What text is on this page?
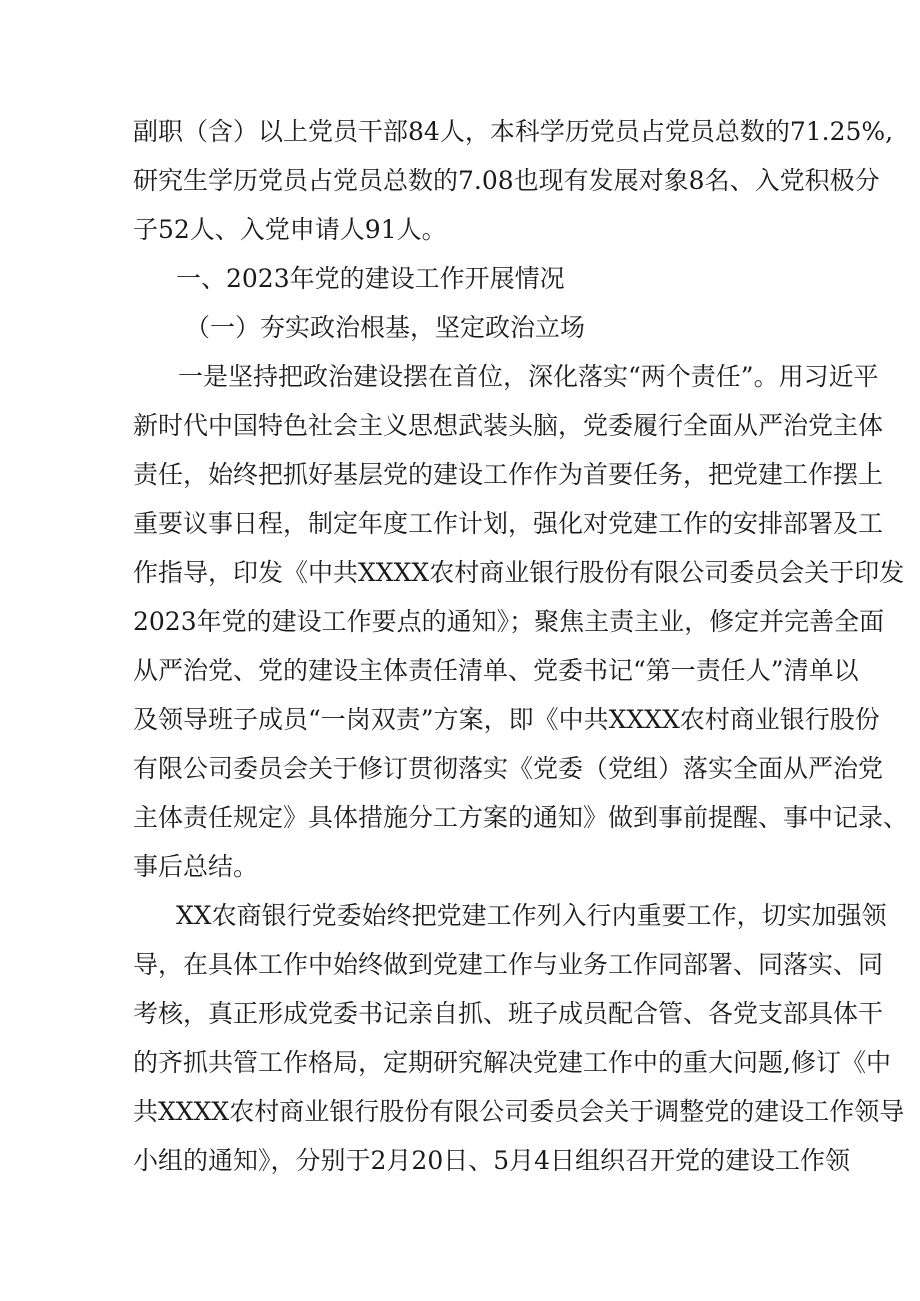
副职（含）以上党员干部84人，本科学历党员占党员总数的71.25%,
研究生学历党员占党员总数的7.08也现有发展对象8名、入党积极分
子52人、入党申请人91人。
一、2023年党的建设工作开展情况
（一）夯实政治根基，坚定政治立场
一是坚持把政治建设摆在首位，深化落实“两个责任”。用习近平
新时代中国特色社会主义思想武装头脑，党委履行全面从严治党主体
责任，始终把抓好基层党的建设工作作为首要任务，把党建工作摆上
重要议事日程，制定年度工作计划，强化对党建工作的安排部署及工
作指导，印发《中共XXXX农村商业银行股份有限公司委员会关于印发
2023年党的建设工作要点的通知》；聚焦主责主业，修定并完善全面
从严治党、党的建设主体责任清单、党委书记“第一责任人”清单以
及领导班子成员“一岗双责”方案，即《中共XXXX农村商业银行股份
有限公司委员会关于修订贯彻落实《党委（党组）落实全面从严治党
主体责任规定》具体措施分工方案的通知》做到事前提醒、事中记录、
事后总结。
XX农商银行党委始终把党建工作列入行内重要工作，切实加强领
导，在具体工作中始终做到党建工作与业务工作同部署、同落实、同
考核，真正形成党委书记亲自抓、班子成员配合管、各党支部具体干
的齐抓共管工作格局，定期研究解决党建工作中的重大问题,修订《中
共XXXX农村商业银行股份有限公司委员会关于调整党的建设工作领导
小组的通知》，分别于2月20日、5月4日组织召开党的建设工作领
